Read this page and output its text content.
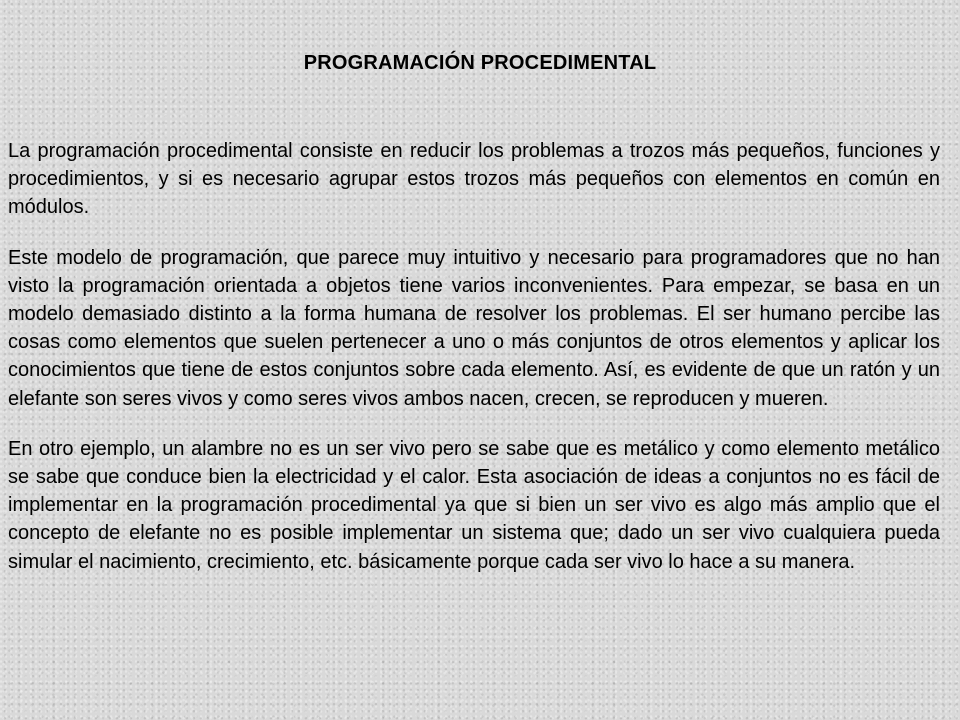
PROGRAMACIÓN PROCEDIMENTAL

La programación procedimental consiste en reducir los problemas a trozos más pequeños, funciones y procedimientos, y si es necesario agrupar estos trozos más pequeños con elementos en común en módulos.

Este modelo de programación, que parece muy intuitivo y necesario para programadores que no han visto la programación orientada a objetos tiene varios inconvenientes. Para empezar, se basa en un modelo demasiado distinto a la forma humana de resolver los problemas. El ser humano percibe las cosas como elementos que suelen pertenecer a uno o más conjuntos de otros elementos y aplicar los conocimientos que tiene de estos conjuntos sobre cada elemento. Así, es evidente de que un ratón y un elefante son seres vivos y como seres vivos ambos nacen, crecen, se reproducen y mueren.

En otro ejemplo, un alambre no es un ser vivo pero se sabe que es metálico y como elemento metálico se sabe que conduce bien la electricidad y el calor. Esta asociación de ideas a conjuntos no es fácil de implementar en la programación procedimental ya que si bien un ser vivo es algo más amplio que el concepto de elefante no es posible implementar un sistema que; dado un ser vivo cualquiera pueda simular el nacimiento, crecimiento, etc. básicamente porque cada ser vivo lo hace a su manera.
